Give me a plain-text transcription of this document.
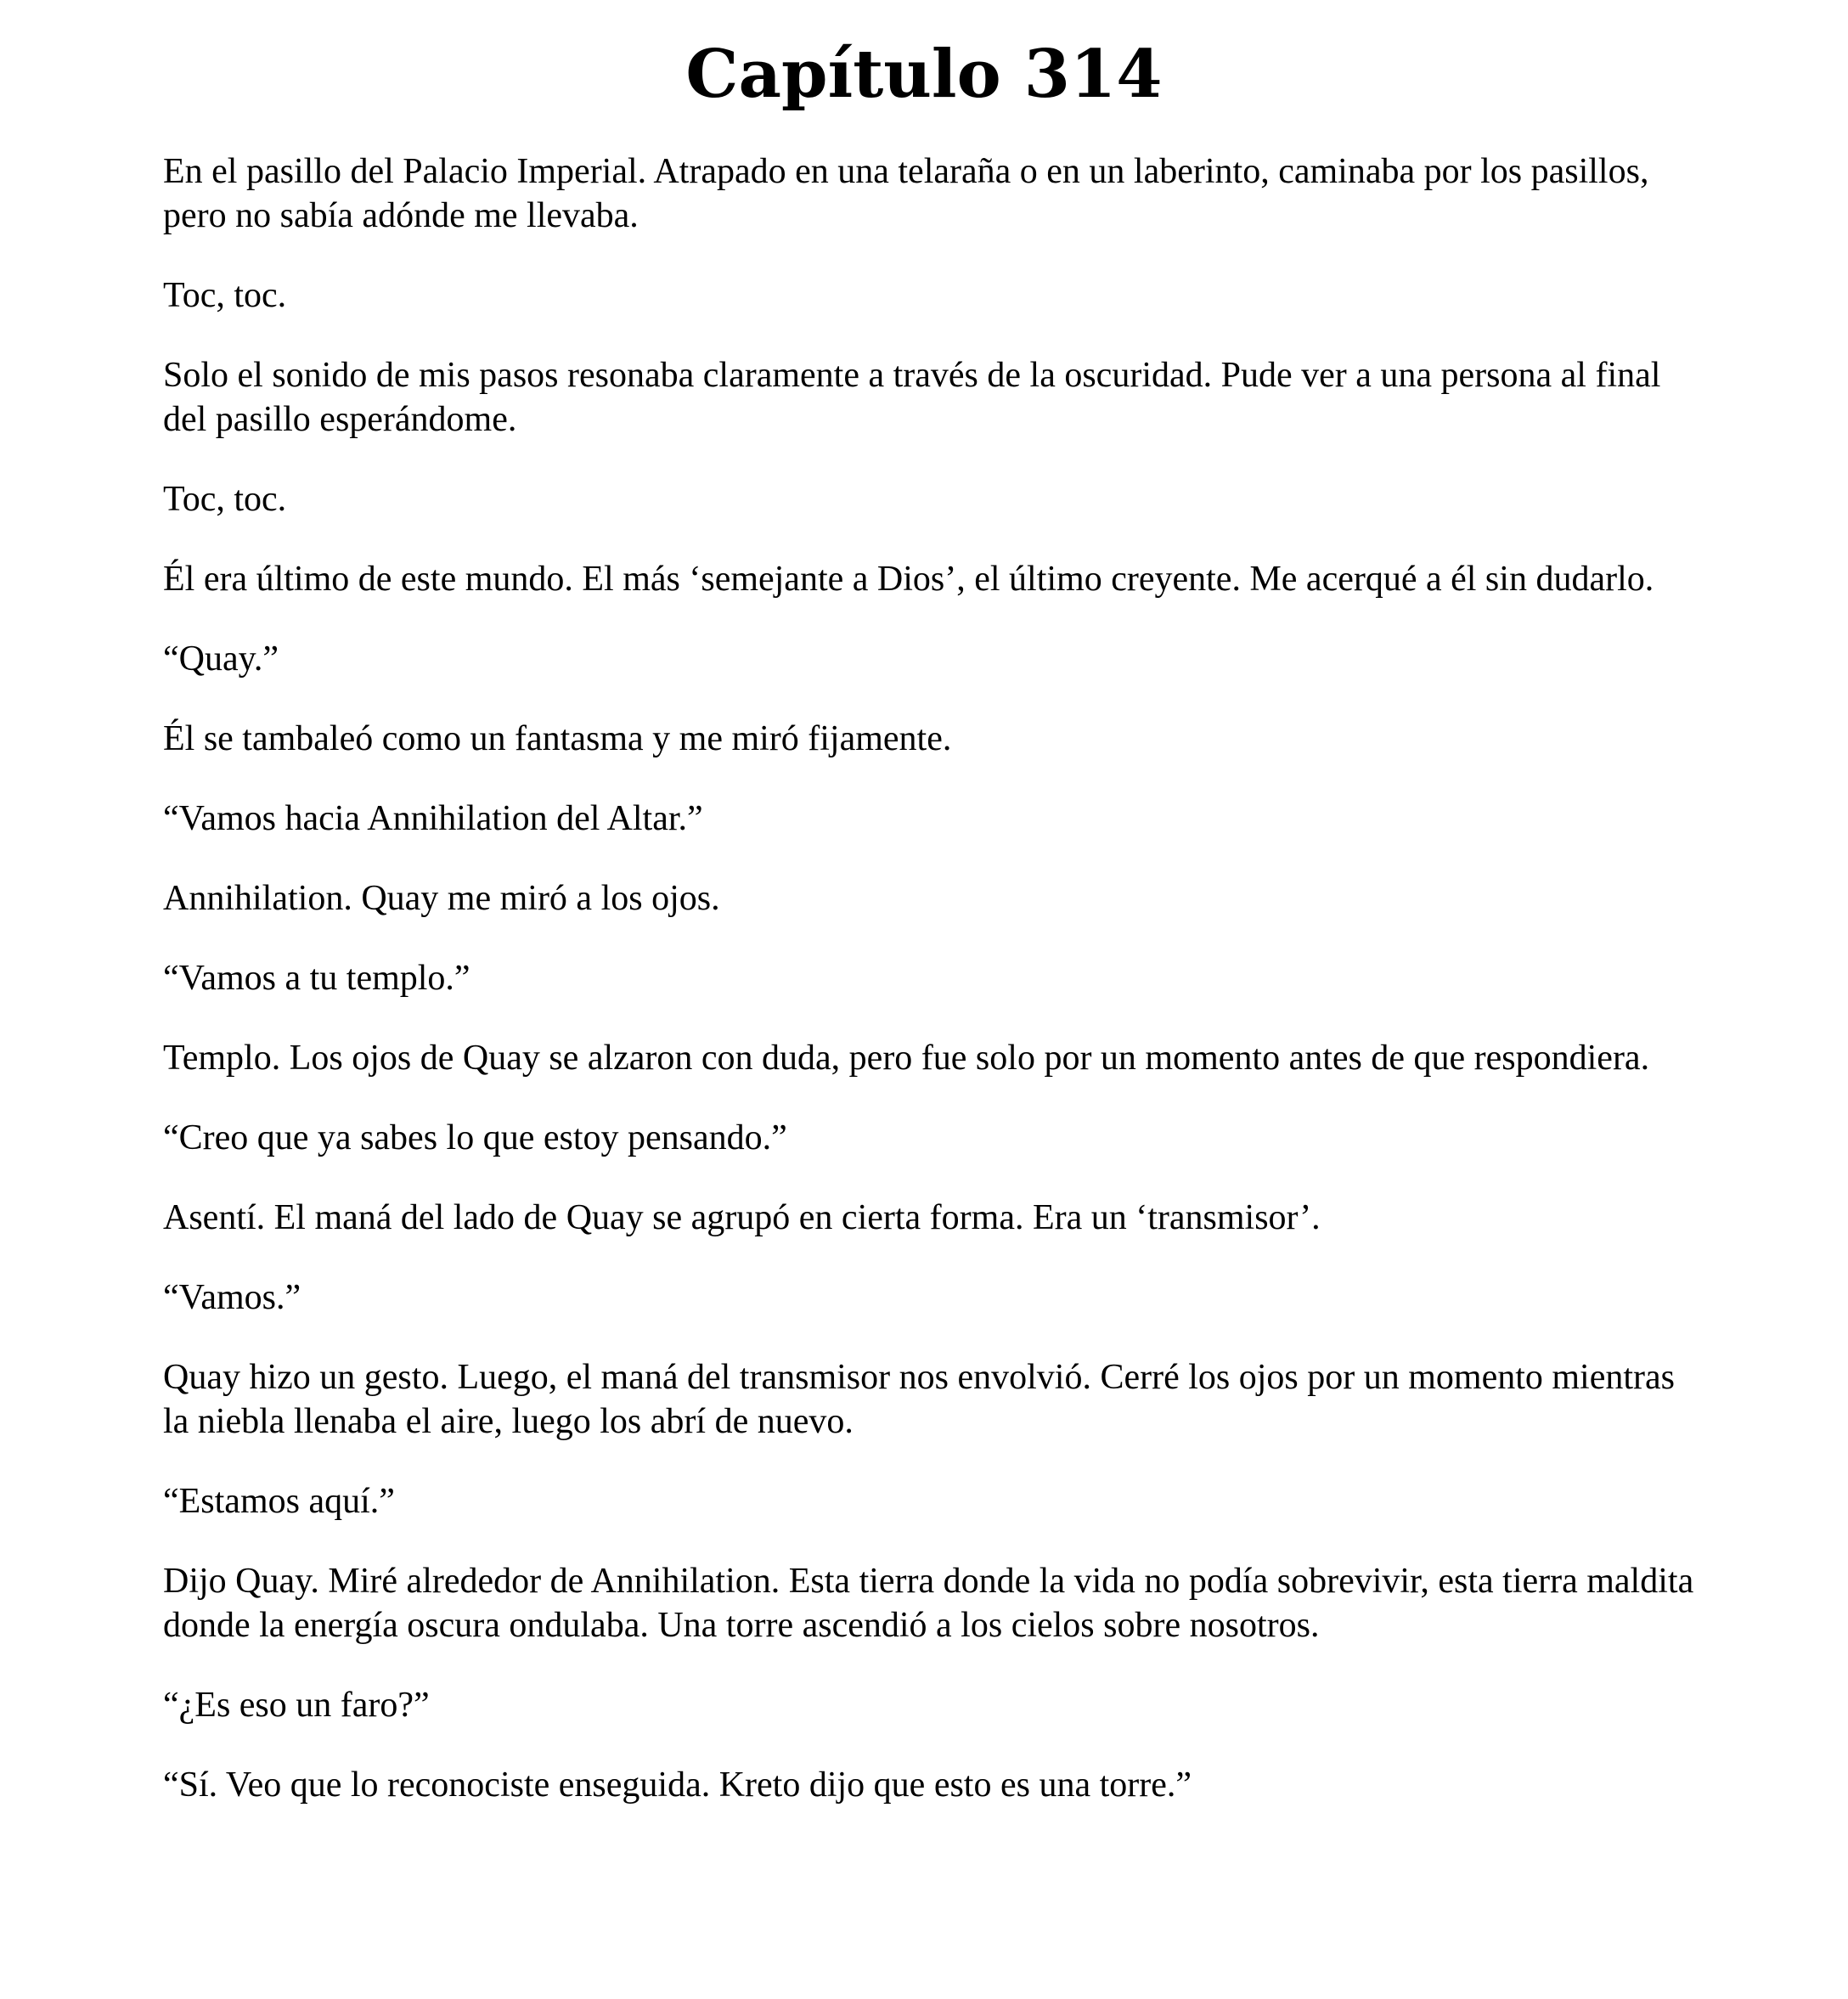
Capítulo 314

En el pasillo del Palacio Imperial. Atrapado en una telaraña o en un laberinto, caminaba por los pasillos, pero no sabía adónde me llevaba.

Toc, toc.

Solo el sonido de mis pasos resonaba claramente a través de la oscuridad. Pude ver a una persona al final del pasillo esperándome.

Toc, toc.

Él era último de este mundo. El más ‘semejante a Dios’, el último creyente. Me acerqué a él sin dudarlo.

“Quay.”

Él se tambaleó como un fantasma y me miró fijamente.

“Vamos hacia Annihilation del Altar.”

Annihilation. Quay me miró a los ojos.

“Vamos a tu templo.”

Templo. Los ojos de Quay se alzaron con duda, pero fue solo por un momento antes de que respondiera.

“Creo que ya sabes lo que estoy pensando.”

Asentí. El maná del lado de Quay se agrupó en cierta forma. Era un ‘transmisor’.

“Vamos.”

Quay hizo un gesto. Luego, el maná del transmisor nos envolvió. Cerré los ojos por un momento mientras la niebla llenaba el aire, luego los abrí de nuevo.

“Estamos aquí.”

Dijo Quay. Miré alrededor de Annihilation. Esta tierra donde la vida no podía sobrevivir, esta tierra maldita donde la energía oscura ondulaba. Una torre ascendió a los cielos sobre nosotros.

“¿Es eso un faro?”

“Sí. Veo que lo reconociste enseguida. Kreto dijo que esto es una torre.”
